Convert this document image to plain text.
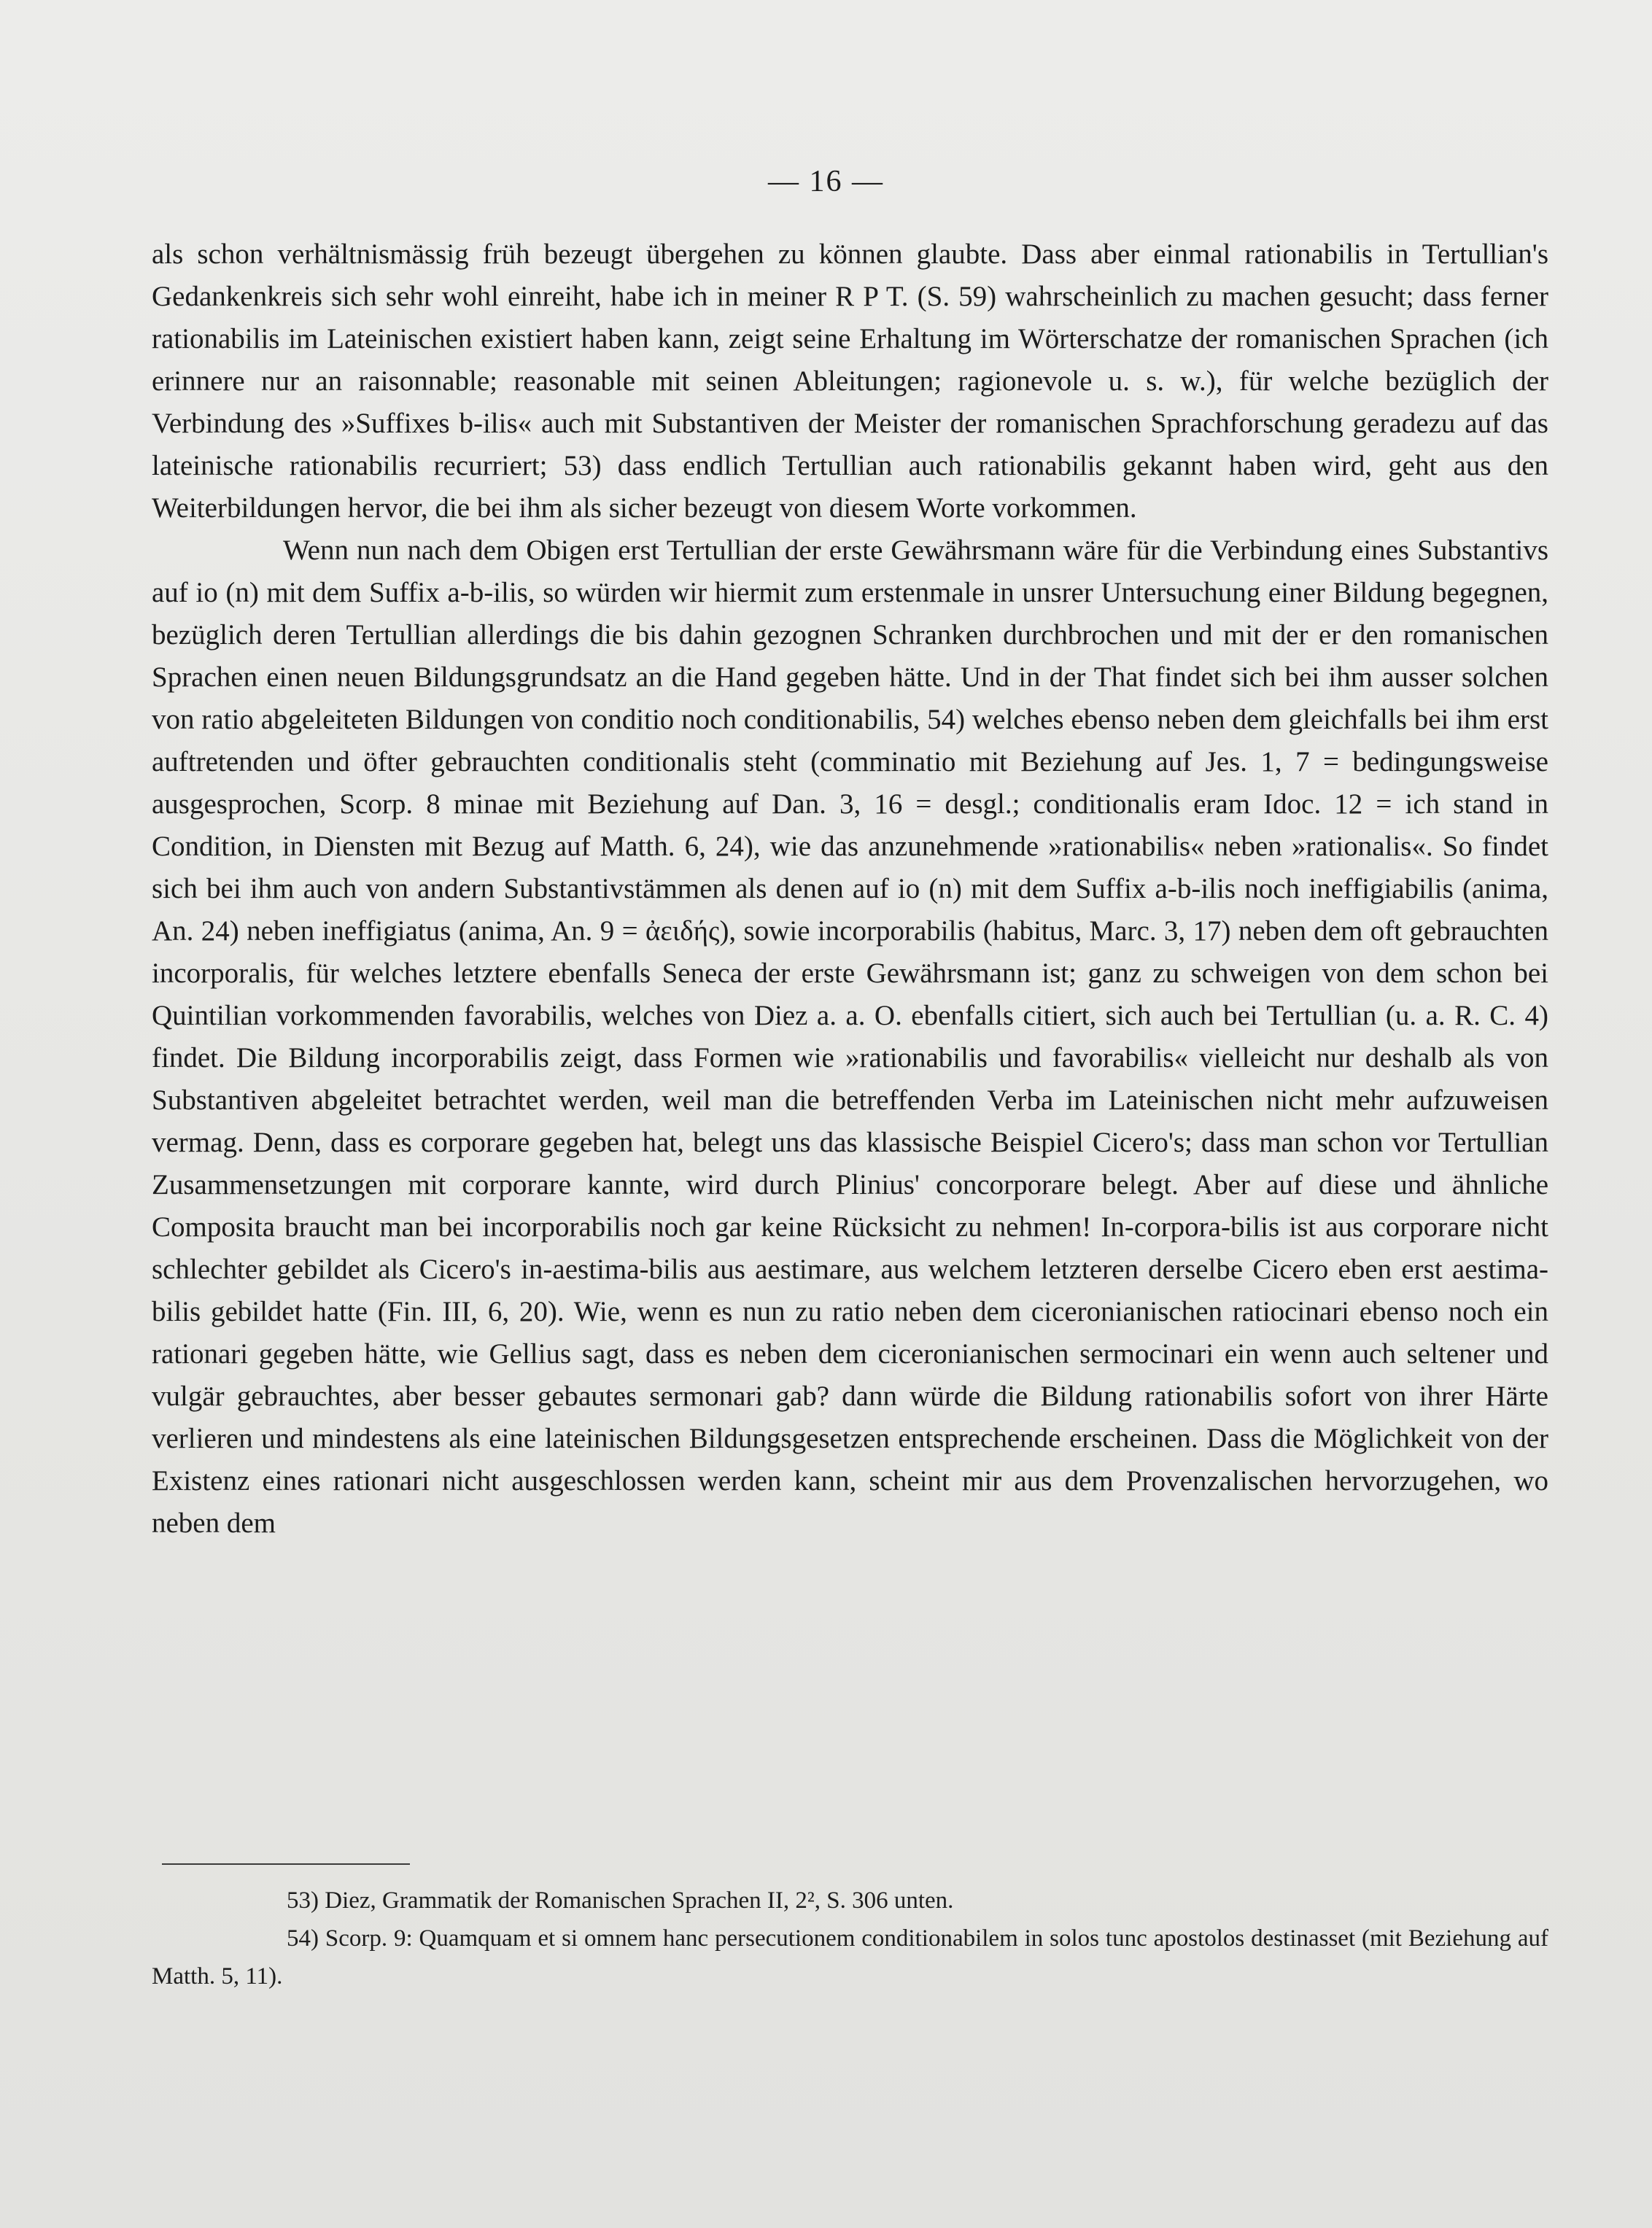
— 16 —

als schon verhältnismässig früh bezeugt übergehen zu können glaubte. Dass aber einmal rationabilis in Tertullian's Gedankenkreis sich sehr wohl einreiht, habe ich in meiner R P T. (S. 59) wahrscheinlich zu machen gesucht; dass ferner rationabilis im Lateinischen existiert haben kann, zeigt seine Erhaltung im Wörterschatze der romanischen Sprachen (ich erinnere nur an raisonnable; reasonable mit seinen Ableitungen; ragionevole u. s. w.), für welche bezüglich der Verbindung des »Suffixes b-ilis« auch mit Substantiven der Meister der romanischen Sprachforschung geradezu auf das lateinische rationabilis recurriert; 53) dass endlich Tertullian auch rationabilis gekannt haben wird, geht aus den Weiterbildungen hervor, die bei ihm als sicher bezeugt von diesem Worte vorkommen.

Wenn nun nach dem Obigen erst Tertullian der erste Gewährsmann wäre für die Verbindung eines Substantivs auf io (n) mit dem Suffix a-b-ilis, so würden wir hiermit zum erstenmale in unsrer Untersuchung einer Bildung begegnen, bezüglich deren Tertullian allerdings die bis dahin gezognen Schranken durchbrochen und mit der er den romanischen Sprachen einen neuen Bildungsgrundsatz an die Hand gegeben hätte. Und in der That findet sich bei ihm ausser solchen von ratio abgeleiteten Bildungen von conditio noch conditionabilis, 54) welches ebenso neben dem gleichfalls bei ihm erst auftretenden und öfter gebrauchten conditionalis steht (comminatio mit Beziehung auf Jes. 1, 7 = bedingungsweise ausgesprochen, Scorp. 8 minae mit Beziehung auf Dan. 3, 16 = desgl.; conditionalis eram Idoc. 12 = ich stand in Condition, in Diensten mit Bezug auf Matth. 6, 24), wie das anzunehmende »rationabilis« neben »rationalis«. So findet sich bei ihm auch von andern Substantivstämmen als denen auf io (n) mit dem Suffix a-b-ilis noch ineffigiabilis (anima, An. 24) neben ineffigiatus (anima, An. 9 = ἀειδής), sowie incorporabilis (habitus, Marc. 3, 17) neben dem oft gebrauchten incorporalis, für welches letztere ebenfalls Seneca der erste Gewährsmann ist; ganz zu schweigen von dem schon bei Quintilian vorkommenden favorabilis, welches von Diez a. a. O. ebenfalls citiert, sich auch bei Tertullian (u. a. R. C. 4) findet. Die Bildung incorporabilis zeigt, dass Formen wie »rationabilis und favorabilis« vielleicht nur deshalb als von Substantiven abgeleitet betrachtet werden, weil man die betreffenden Verba im Lateinischen nicht mehr aufzuweisen vermag. Denn, dass es corporare gegeben hat, belegt uns das klassische Beispiel Cicero's; dass man schon vor Tertullian Zusammensetzungen mit corporare kannte, wird durch Plinius' concorporare belegt. Aber auf diese und ähnliche Composita braucht man bei incorporabilis noch gar keine Rücksicht zu nehmen! In-corpora-bilis ist aus corporare nicht schlechter gebildet als Cicero's in-aestima-bilis aus aestimare, aus welchem letzteren derselbe Cicero eben erst aestima-bilis gebildet hatte (Fin. III, 6, 20). Wie, wenn es nun zu ratio neben dem ciceronianischen ratiocinari ebenso noch ein rationari gegeben hätte, wie Gellius sagt, dass es neben dem ciceronianischen sermocinari ein wenn auch seltener und vulgär gebrauchtes, aber besser gebautes sermonari gab? dann würde die Bildung rationabilis sofort von ihrer Härte verlieren und mindestens als eine lateinischen Bildungsgesetzen entsprechende erscheinen. Dass die Möglichkeit von der Existenz eines rationari nicht ausgeschlossen werden kann, scheint mir aus dem Provenzalischen hervorzugehen, wo neben dem

53) Diez, Grammatik der Romanischen Sprachen II, 2², S. 306 unten.

54) Scorp. 9: Quamquam et si omnem hanc persecutionem conditionabilem in solos tunc apostolos destinasset (mit Beziehung auf Matth. 5, 11).
